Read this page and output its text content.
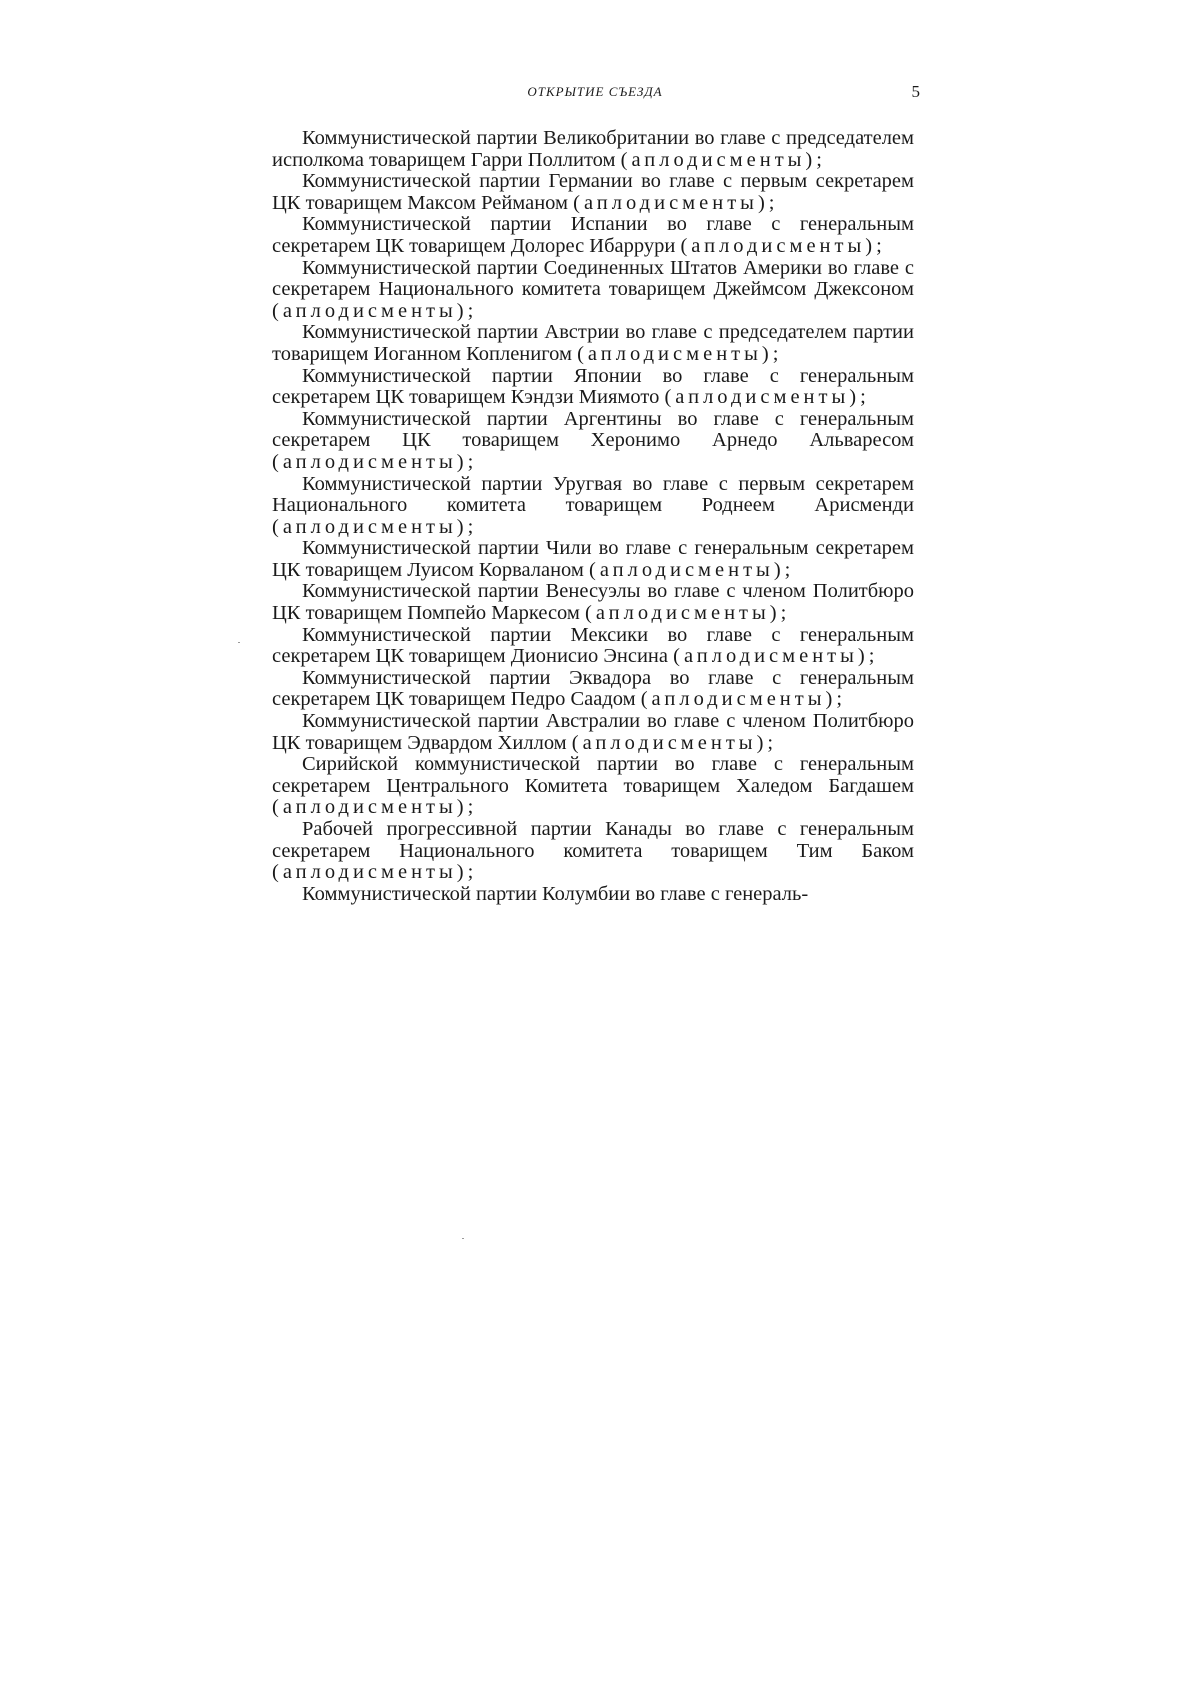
ОТКРЫТИЕ СЪЕЗДА	5

Коммунистической партии Великобритании во главе с председателем исполкома товарищем Гарри Поллитом (аплодисменты);

Коммунистической партии Германии во главе с первым секретарем ЦК товарищем Максом Рейманом (аплодисменты);

Коммунистической партии Испании во главе с генеральным секретарем ЦК товарищем Долорес Ибаррури (аплодисменты);

Коммунистической партии Соединенных Штатов Америки во главе с секретарем Национального комитета товарищем Джеймсом Джексоном (аплодисменты);

Коммунистической партии Австрии во главе с председателем партии товарищем Иоганном Копленигом (аплодисменты);

Коммунистической партии Японии во главе с генеральным секретарем ЦК товарищем Кэндзи Миямото (аплодисменты);

Коммунистической партии Аргентины во главе с генеральным секретарем ЦК товарищем Херонимо Арнедо Альваресом (аплодисменты);

Коммунистической партии Уругвая во главе с первым секретарем Национального комитета товарищем Роднеем Арисменди (аплодисменты);

Коммунистической партии Чили во главе с генеральным секретарем ЦК товарищем Луисом Корваланом (аплодисменты);

Коммунистической партии Венесуэлы во главе с членом Политбюро ЦК товарищем Помпейо Маркесом (аплодисменты);

Коммунистической партии Мексики во главе с генеральным секретарем ЦК товарищем Дионисио Энсина (аплодисменты);

Коммунистической партии Эквадора во главе с генеральным секретарем ЦК товарищем Педро Саадом (аплодисменты);

Коммунистической партии Австралии во главе с членом Политбюро ЦК товарищем Эдвардом Хиллом (аплодисменты);

Сирийской коммунистической партии во главе с генеральным секретарем Центрального Комитета товарищем Халедом Багдашем (аплодисменты);

Рабочей прогрессивной партии Канады во главе с генеральным секретарем Национального комитета товарищем Тим Баком (аплодисменты);

Коммунистической партии Колумбии во главе с генераль-
